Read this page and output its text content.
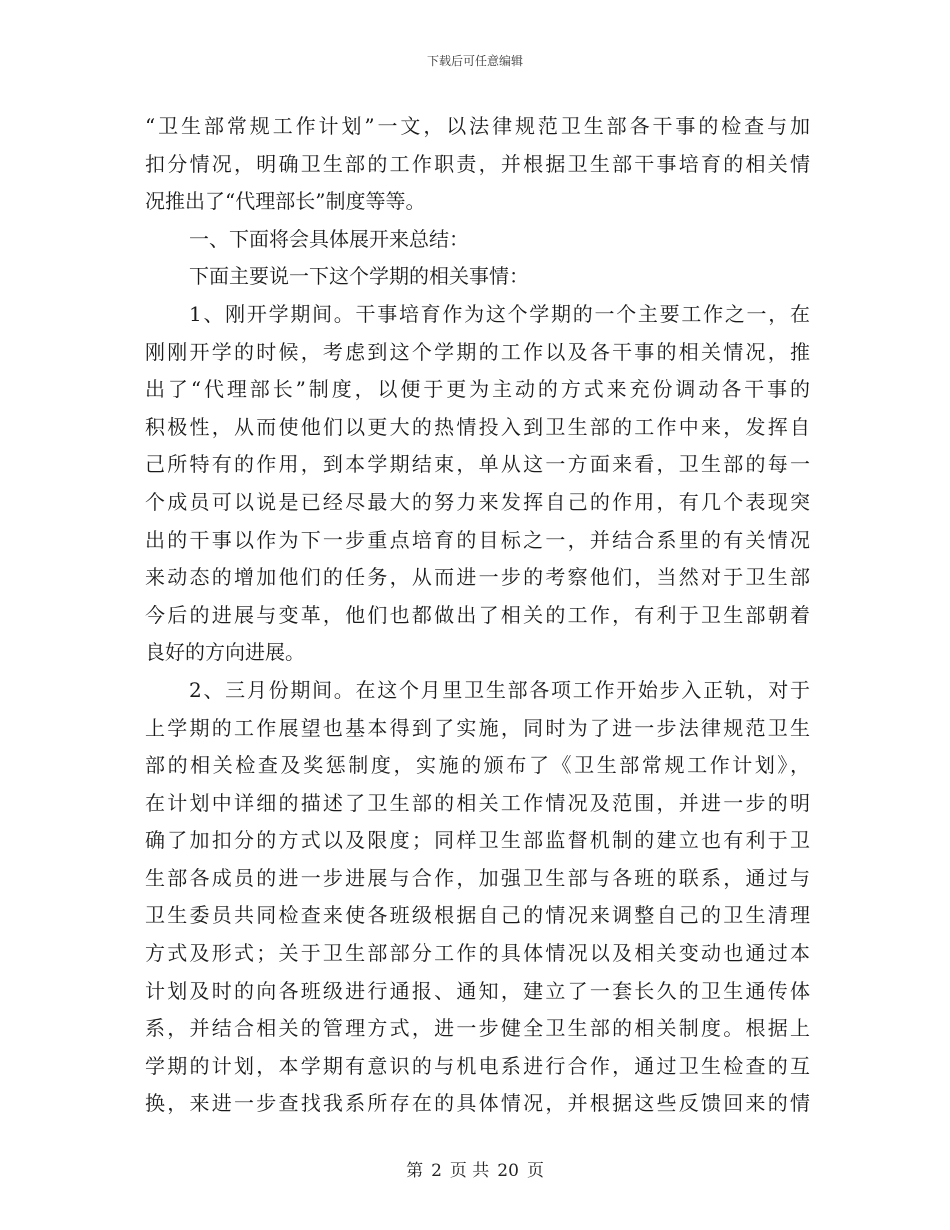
下载后可任意编辑
“卫生部常规工作计划”一文，以法律规范卫生部各干事的检查与加
扣分情况，明确卫生部的工作职责，并根据卫生部干事培育的相关情
况推出了“代理部长”制度等等。
一、下面将会具体展开来总结：
下面主要说一下这个学期的相关事情：
1、刚开学期间。干事培育作为这个学期的一个主要工作之一，在
刚刚开学的时候，考虑到这个学期的工作以及各干事的相关情况，推
出了“代理部长”制度，以便于更为主动的方式来充份调动各干事的
积极性，从而使他们以更大的热情投入到卫生部的工作中来，发挥自
己所特有的作用，到本学期结束，单从这一方面来看，卫生部的每一
个成员可以说是已经尽最大的努力来发挥自己的作用，有几个表现突
出的干事以作为下一步重点培育的目标之一，并结合系里的有关情况
来动态的增加他们的任务，从而进一步的考察他们，当然对于卫生部
今后的进展与变革，他们也都做出了相关的工作，有利于卫生部朝着
良好的方向进展。
2、三月份期间。在这个月里卫生部各项工作开始步入正轨，对于
上学期的工作展望也基本得到了实施，同时为了进一步法律规范卫生
部的相关检查及奖惩制度，实施的颁布了《卫生部常规工作计划》，
在计划中详细的描述了卫生部的相关工作情况及范围，并进一步的明
确了加扣分的方式以及限度；同样卫生部监督机制的建立也有利于卫
生部各成员的进一步进展与合作，加强卫生部与各班的联系，通过与
卫生委员共同检查来使各班级根据自己的情况来调整自己的卫生清理
方式及形式；关于卫生部部分工作的具体情况以及相关变动也通过本
计划及时的向各班级进行通报、通知，建立了一套长久的卫生通传体
系，并结合相关的管理方式，进一步健全卫生部的相关制度。根据上
学期的计划，本学期有意识的与机电系进行合作，通过卫生检查的互
换，来进一步查找我系所存在的具体情况，并根据这些反馈回来的情
第 2 页 共 20 页
